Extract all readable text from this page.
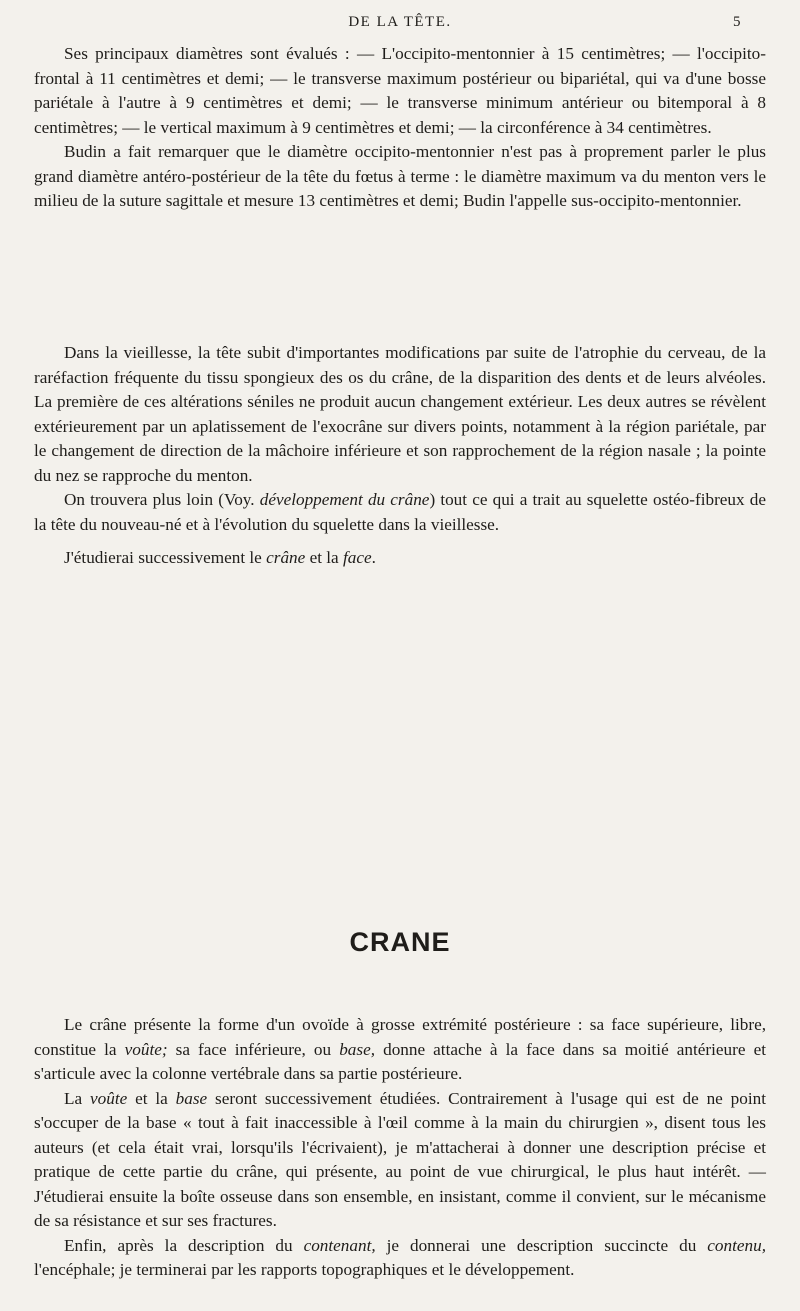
DE LA TÊTE.	5

Ses principaux diamètres sont évalués : — L'occipito-mentonnier à 15 centimètres; — l'occipito-frontal à 11 centimètres et demi; — le transverse maximum postérieur ou bipariétal, qui va d'une bosse pariétale à l'autre à 9 centimètres et demi; — le transverse minimum antérieur ou bitemporal à 8 centimètres; — le vertical maximum à 9 centimètres et demi; — la circonférence à 34 centimètres.

Budin a fait remarquer que le diamètre occipito-mentonnier n'est pas à proprement parler le plus grand diamètre antéro-postérieur de la tête du fœtus à terme : le diamètre maximum va du menton vers le milieu de la suture sagittale et mesure 13 centimètres et demi; Budin l'appelle sus-occipito-mentonnier.

Dans la vieillesse, la tête subit d'importantes modifications par suite de l'atrophie du cerveau, de la raréfaction fréquente du tissu spongieux des os du crâne, de la disparition des dents et de leurs alvéoles. La première de ces altérations séniles ne produit aucun changement extérieur. Les deux autres se révèlent extérieurement par un aplatissement de l'exocrâne sur divers points, notamment à la région pariétale, par le changement de direction de la mâchoire inférieure et son rapprochement de la région nasale ; la pointe du nez se rapproche du menton.

On trouvera plus loin (Voy. développement du crâne) tout ce qui a trait au squelette ostéo-fibreux de la tête du nouveau-né et à l'évolution du squelette dans la vieillesse.

J'étudierai successivement le crâne et la face.

CRANE

Le crâne présente la forme d'un ovoïde à grosse extrémité postérieure : sa face supérieure, libre, constitue la voûte; sa face inférieure, ou base, donne attache à la face dans sa moitié antérieure et s'articule avec la colonne vertébrale dans sa partie postérieure.

La voûte et la base seront successivement étudiées. Contrairement à l'usage qui est de ne point s'occuper de la base « tout à fait inaccessible à l'œil comme à la main du chirurgien », disent tous les auteurs (et cela était vrai, lorsqu'ils l'écrivaient), je m'attacherai à donner une description précise et pratique de cette partie du crâne, qui présente, au point de vue chirurgical, le plus haut intérêt. — J'étudierai ensuite la boîte osseuse dans son ensemble, en insistant, comme il convient, sur le mécanisme de sa résistance et sur ses fractures.

Enfin, après la description du contenant, je donnerai une description succincte du contenu, l'encéphale; je terminerai par les rapports topographiques et le développement.
